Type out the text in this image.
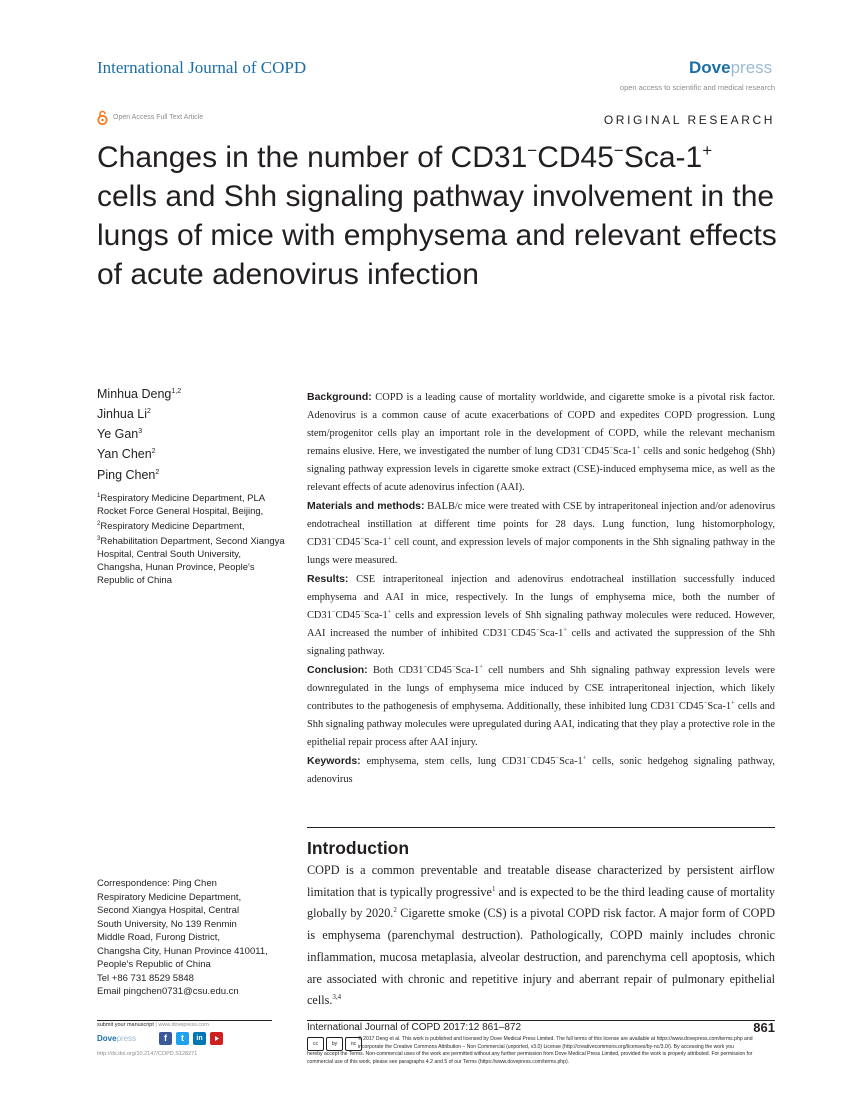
International Journal of COPD	Dovepress
open access to scientific and medical research
Open Access Full Text Article	ORIGINAL RESEARCH
Changes in the number of CD31−CD45−Sca-1+ cells and Shh signaling pathway involvement in the lungs of mice with emphysema and relevant effects of acute adenovirus infection
Minhua Deng$^{1,2}$
Jinhua Li$^2$
Ye Gan$^3$
Yan Chen$^2$
Ping Chen$^2$
$^1$Respiratory Medicine Department, PLA Rocket Force General Hospital, Beijing, $^2$Respiratory Medicine Department, $^3$Rehabilitation Department, Second Xiangya Hospital, Central South University, Changsha, Hunan Province, People's Republic of China

Background: COPD is a leading cause of mortality worldwide, and cigarette smoke is a pivotal risk factor. Adenovirus is a common cause of acute exacerbations of COPD and expedites COPD progression. Lung stem/progenitor cells play an important role in the development of COPD, while the relevant mechanism remains elusive. Here, we investigated the number of lung CD31−CD45−Sca-1+ cells and sonic hedgehog (Shh) signaling pathway expression levels in cigarette smoke extract (CSE)-induced emphysema mice, as well as the relevant effects of acute adenovirus infection (AAI).

Materials and methods: BALB/c mice were treated with CSE by intraperitoneal injection and/or adenovirus endotracheal instillation at different time points for 28 days. Lung function, lung histomorphology, CD31−CD45−Sca-1+ cell count, and expression levels of major components in the Shh signaling pathway in the lungs were measured.

Results: CSE intraperitoneal injection and adenovirus endotracheal instillation successfully induced emphysema and AAI in mice, respectively. In the lungs of emphysema mice, both the number of CD31−CD45−Sca-1+ cells and expression levels of Shh signaling pathway molecules were reduced. However, AAI increased the number of inhibited CD31−CD45−Sca-1+ cells and activated the suppression of the Shh signaling pathway.

Conclusion: Both CD31−CD45−Sca-1+ cell numbers and Shh signaling pathway expression levels were downregulated in the lungs of emphysema mice induced by CSE intraperitoneal injection, which likely contributes to the pathogenesis of emphysema. Additionally, these inhibited lung CD31−CD45−Sca-1+ cells and Shh signaling pathway molecules were upregulated during AAI, indicating that they play a protective role in the epithelial repair process after AAI injury.

Keywords: emphysema, stem cells, lung CD31−CD45−Sca-1+ cells, sonic hedgehog signaling pathway, adenovirus

Introduction

COPD is a common preventable and treatable disease characterized by persistent airflow limitation that is typically progressive$^1$ and is expected to be the third leading cause of mortality globally by 2020.$^2$ Cigarette smoke (CS) is a pivotal COPD risk factor. A major form of COPD is emphysema (parenchymal destruction). Pathologically, COPD mainly includes chronic inflammation, mucosa metaplasia, alveolar destruction, and parenchyma cell apoptosis, which are associated with chronic and repetitive injury and aberrant repair of pulmonary epithelial cells.$^{3,4}$

Correspondence: Ping Chen
Respiratory Medicine Department,
Second Xiangya Hospital, Central
South University, No 139 Renmin
Middle Road, Furong District,
Changsha City, Hunan Province 410011,
People's Republic of China
Tel +86 731 8529 5848
Email pingchen0731@csu.edu.cn
submit your manuscript | www.dovepress.com
Dovepress	f	t	in
http://dx.doi.org/10.2147/COPD.S128271
International Journal of COPD 2017:12 861–872	861
cc	by	nc
© 2017 Deng et al. This work is published and licensed by Dove Medical Press Limited. The full terms of this license are available at https://www.dovepress.com/terms.php and incorporate the Creative Commons Attribution – Non Commercial (unported, v3.0) License (http://creativecommons.org/licenses/by-nc/3.0/). By accessing the work you
hereby accept the Terms. Non-commercial uses of the work are permitted without any further permission from Dove Medical Press Limited, provided the work is properly attributed. For permission for commercial use of this work, please see paragraphs 4.2 and 5 of our Terms (https://www.dovepress.com/terms.php).
